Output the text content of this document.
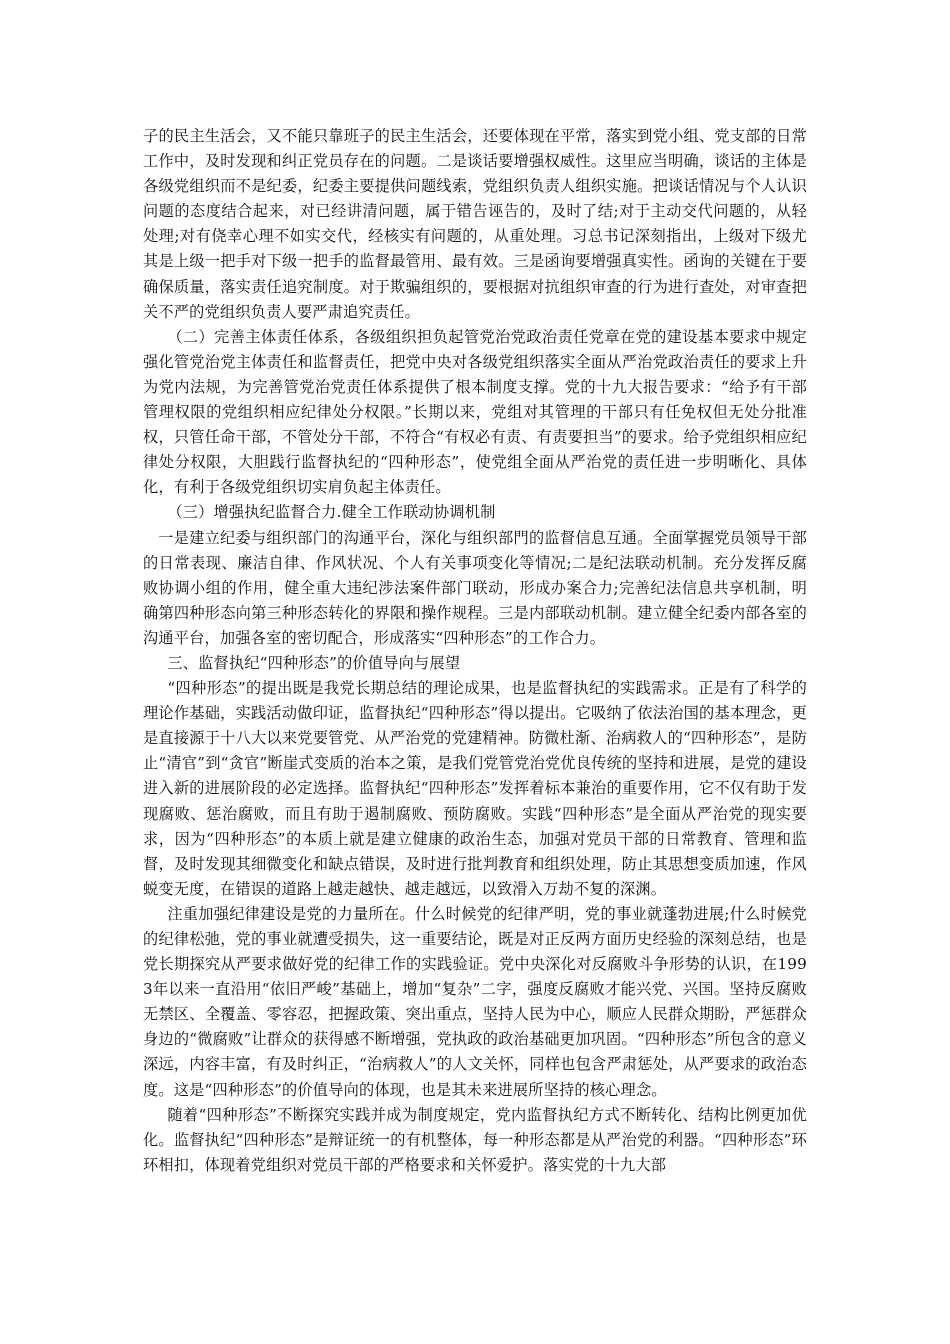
子的民主生活会，又不能只靠班子的民主生活会，还要体现在平常，落实到党小组、党支部的日常工作中，及时发现和纠正党员存在的问题。二是谈话要增强权威性。这里应当明确，谈话的主体是各级党组织而不是纪委，纪委主要提供问题线索，党组织负责人组织实施。把谈话情况与个人认识问题的态度结合起来，对已经讲清问题，属于错告诬告的，及时了结;对于主动交代问题的，从轻处理;对有侥幸心理不如实交代，经核实有问题的，从重处理。习总书记深刻指出，上级对下级尤其是上级一把手对下级一把手的监督最管用、最有效。三是函询要增强真实性。函询的关键在于要确保质量，落实责任追究制度。对于欺骗组织的，要根据对抗组织审查的行为进行查处，对审查把关不严的党组织负责人要严肃追究责任。

（二）完善主体责任体系，各级组织担负起管党治党政治责任党章在党的建设基本要求中规定强化管党治党主体责任和监督责任，把党中央对各级党组织落实全面从严治党政治责任的要求上升为党内法规，为完善管党治党责任体系提供了根本制度支撑。党的十九大报告要求：“给予有干部管理权限的党组织相应纪律处分权限。”长期以来，党组对其管理的干部只有任免权但无处分批准权，只管任命干部，不管处分干部，不符合“有权必有责、有责要担当”的要求。给予党组织相应纪律处分权限，大胆践行监督执纪的“四种形态”，使党组全面从严治党的责任进一步明晰化、具体化，有利于各级党组织切实肩负起主体责任。

（三）增强执纪监督合力.健全工作联动协调机制

一是建立纪委与组织部门的沟通平台，深化与组织部門的监督信息互通。全面掌握党员领导干部的日常表现、廉洁自律、作风状况、个人有关事项变化等情况;二是纪法联动机制。充分发挥反腐败协调小组的作用，健全重大违纪涉法案件部门联动，形成办案合力;完善纪法信息共享机制，明确第四种形态向第三种形态转化的界限和操作规程。三是内部联动机制。建立健全纪委内部各室的沟通平台，加强各室的密切配合，形成落实“四种形态”的工作合力。

三、监督执纪“四种形态”的价值导向与展望

“四种形态”的提出既是我党长期总结的理论成果，也是监督执纪的实践需求。正是有了科学的理论作基础，实践活动做印证，监督执纪“四种形态”得以提出。它吸纳了依法治国的基本理念，更是直接源于十八大以来党要管党、从严治党的党建精神。防微杜渐、治病救人的“四种形态”，是防止“清官”到“贪官”断崖式变质的治本之策，是我们党管党治党优良传统的坚持和进展，是党的建设进入新的进展阶段的必定选择。监督执纪“四种形态”发挥着标本兼治的重要作用，它不仅有助于发现腐败、惩治腐败，而且有助于遏制腐败、预防腐败。实践“四种形态”是全面从严治党的现实要求，因为“四种形态”的本质上就是建立健康的政治生态，加强对党员干部的日常教育、管理和监督，及时发现其细微变化和缺点错误，及时进行批判教育和组织处理，防止其思想变质加速，作风蜕变无度，在错误的道路上越走越快、越走越远，以致滑入万劫不复的深渊。

注重加强纪律建设是党的力量所在。什么时候党的纪律严明，党的事业就蓬勃进展;什么时候党的纪律松弛，党的事业就遭受损失，这一重要结论，既是对正反两方面历史经验的深刻总结，也是党长期探究从严要求做好党的纪律工作的实践验证。党中央深化对反腐败斗争形势的认识，在1993年以来一直沿用“依旧严峻”基础上，增加“复杂”二字，强度反腐败才能兴党、兴国。坚持反腐败无禁区、全覆盖、零容忍，把握政策、突出重点，坚持人民为中心，顺应人民群众期盼，严惩群众身边的“微腐败”让群众的获得感不断增强，党执政的政治基础更加巩固。“四种形态”所包含的意义深远，内容丰富，有及时纠正，“治病救人”的人文关怀，同样也包含严肃惩处，从严要求的政治态度。这是“四种形态”的价值导向的体现，也是其未来进展所坚持的核心理念。

随着“四种形态”不断探究实践并成为制度规定，党内监督执纪方式不断转化、结构比例更加优化。监督执纪“四种形态”是辩证统一的有机整体，每一种形态都是从严治党的利器。“四种形态”环环相扣，体现着党组织对党员干部的严格要求和关怀爱护。落实党的十九大部
